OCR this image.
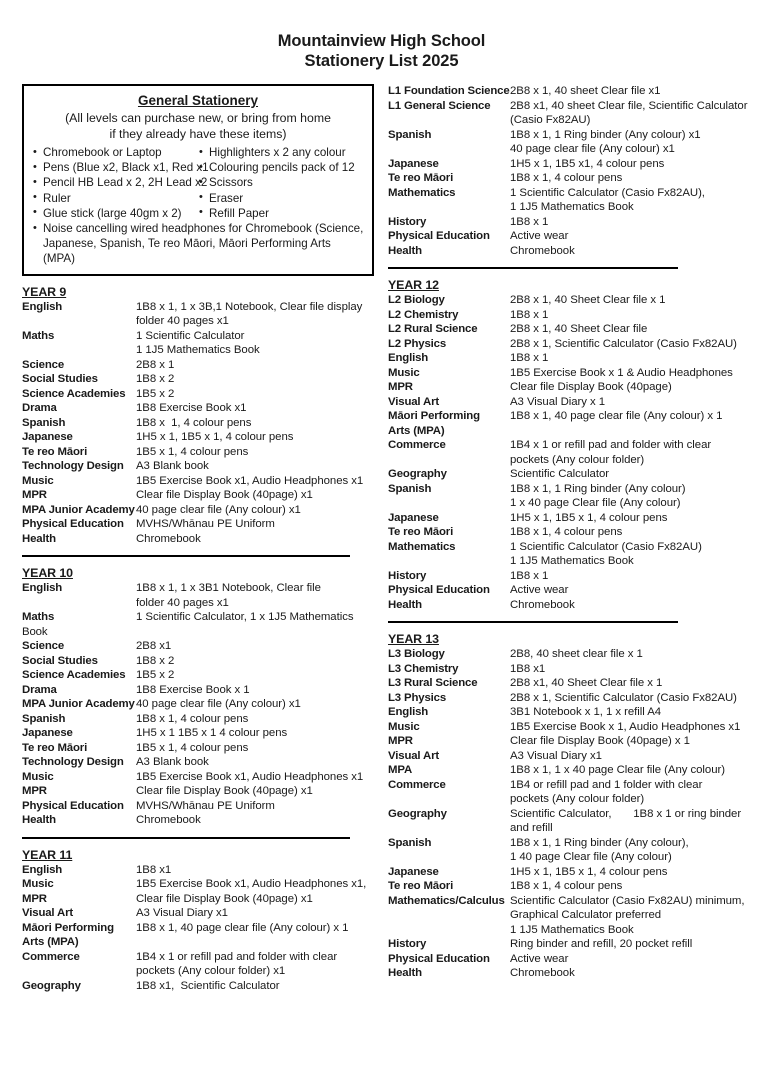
Mountainview High School
Stationery List 2025
General Stationery
(All levels can purchase new, or bring from home
if they already have these items)
• Chromebook or Laptop
• Pens (Blue x2, Black x1, Red x1
• Pencil HB Lead x 2, 2H Lead x2
• Ruler
• Glue stick (large 40gm x 2)
• Highlighters x 2 any colour
• Colouring pencils pack of 12
• Scissors
• Eraser
• Refill Paper
• Noise cancelling wired headphones for Chromebook (Science,
Japanese, Spanish, Te reo Māori, Māori Performing Arts (MPA)
YEAR 9
English	1B8 x 1, 1 x 3B,1 Notebook, Clear file display
folder 40 pages x1
Maths	1 Scientific Calculator
1 1J5 Mathematics Book
Science	2B8 x 1
Social Studies	1B8 x 2
Science Academies 1B5 x 2
Drama	1B8 Exercise Book x1
Spanish	1B8 x  1, 4 colour pens
Japanese	1H5 x 1, 1B5 x 1, 4 colour pens
Te reo Māori	1B5 x 1, 4 colour pens
Technology Design	A3 Blank book
Music	1B5 Exercise Book x1, Audio Headphones x1
MPR	Clear file Display Book (40page) x1
MPA Junior Academy 40 page clear file (Any colour) x1
Physical Education	MVHS/Whānau PE Uniform
Health	Chromebook
YEAR 10
English	1B8 x 1, 1 x 3B1 Notebook, Clear file
folder 40 pages x1
Maths	1 Scientific Calculator, 1 x 1J5 Mathematics
Book
Science	2B8 x1
Social Studies	1B8 x 2
Science Academies 1B5 x 2
Drama	1B8 Exercise Book x 1
MPA Junior Academy 40 page clear file (Any colour) x1
Spanish	1B8 x 1, 4 colour pens
Japanese	1H5 x 1 1B5 x 1 4 colour pens
Te reo Māori	1B5 x 1, 4 colour pens
Technology Design	A3 Blank book
Music	1B5 Exercise Book x1, Audio Headphones x1
MPR	Clear file Display Book (40page) x1
Physical Education	MVHS/Whānau PE Uniform
Health	Chromebook
YEAR 11
English	1B8 x1
Music	1B5 Exercise Book x1, Audio Headphones x1,
MPR	Clear file Display Book (40page) x1
Visual Art	A3 Visual Diary x1
Māori Performing	1B8 x 1, 40 page clear file (Any colour) x 1
Arts (MPA)
Commerce	1B4 x 1 or refill pad and folder with clear
pockets (Any colour folder) x1
Geography	1B8 x1,  Scientific Calculator
L1 Foundation Science 2B8 x 1, 40 sheet Clear file x1
L1 General Science	2B8 x1, 40 sheet Clear file, Scientific Calculator
(Casio Fx82AU)
Spanish	1B8 x 1, 1 Ring binder (Any colour) x1
40 page clear file (Any colour) x1
Japanese	1H5 x 1, 1B5 x1, 4 colour pens
Te reo Māori	1B8 x 1, 4 colour pens
Mathematics	1 Scientific Calculator (Casio Fx82AU),
1 1J5 Mathematics Book
History	1B8 x 1
Physical Education	Active wear
Health	Chromebook
YEAR 12
L2 Biology	2B8 x 1, 40 Sheet Clear file x 1
L2 Chemistry	1B8 x 1
L2 Rural Science	2B8 x 1, 40 Sheet Clear file
L2 Physics	2B8 x 1, Scientific Calculator (Casio Fx82AU)
English	1B8 x 1
Music	1B5 Exercise Book x 1 & Audio Headphones
MPR	Clear file Display Book (40page)
Visual Art	A3 Visual Diary x 1
Māori Performing	1B8 x 1, 40 page clear file (Any colour) x 1
Arts (MPA)
Commerce	1B4 x 1 or refill pad and folder with clear
pockets (Any colour folder)
Geography	Scientific Calculator
Spanish	1B8 x 1, 1 Ring binder (Any colour)
1 x 40 page Clear file (Any colour)
Japanese	1H5 x 1, 1B5 x 1, 4 colour pens
Te reo Māori	1B8 x 1, 4 colour pens
Mathematics	1 Scientific Calculator (Casio Fx82AU)
1 1J5 Mathematics Book
History	1B8 x 1
Physical Education	Active wear
Health	Chromebook
YEAR 13
L3 Biology	2B8, 40 sheet clear file x 1
L3 Chemistry	1B8 x1
L3 Rural Science	2B8 x1, 40 Sheet Clear file x 1
L3 Physics	2B8 x 1, Scientific Calculator (Casio Fx82AU)
English	3B1 Notebook x 1, 1 x refill A4
Music	1B5 Exercise Book x 1, Audio Headphones x1
MPR	Clear file Display Book (40page) x 1
Visual Art	A3 Visual Diary x1
MPA	1B8 x 1, 1 x 40 page Clear file (Any colour)
Commerce	1B4 or refill pad and 1 folder with clear
pockets (Any colour folder)
Geography	Scientific Calculator,       1B8 x 1 or ring binder
and refill
Spanish	1B8 x 1, 1 Ring binder (Any colour),
1 40 page Clear file (Any colour)
Japanese	1H5 x 1, 1B5 x 1, 4 colour pens
Te reo Māori	1B8 x 1, 4 colour pens
Mathematics/Calculus Scientific Calculator (Casio Fx82AU) minimum,
Graphical Calculator preferred
1 1J5 Mathematics Book
History	Ring binder and refill, 20 pocket refill
Physical Education	Active wear
Health	Chromebook
